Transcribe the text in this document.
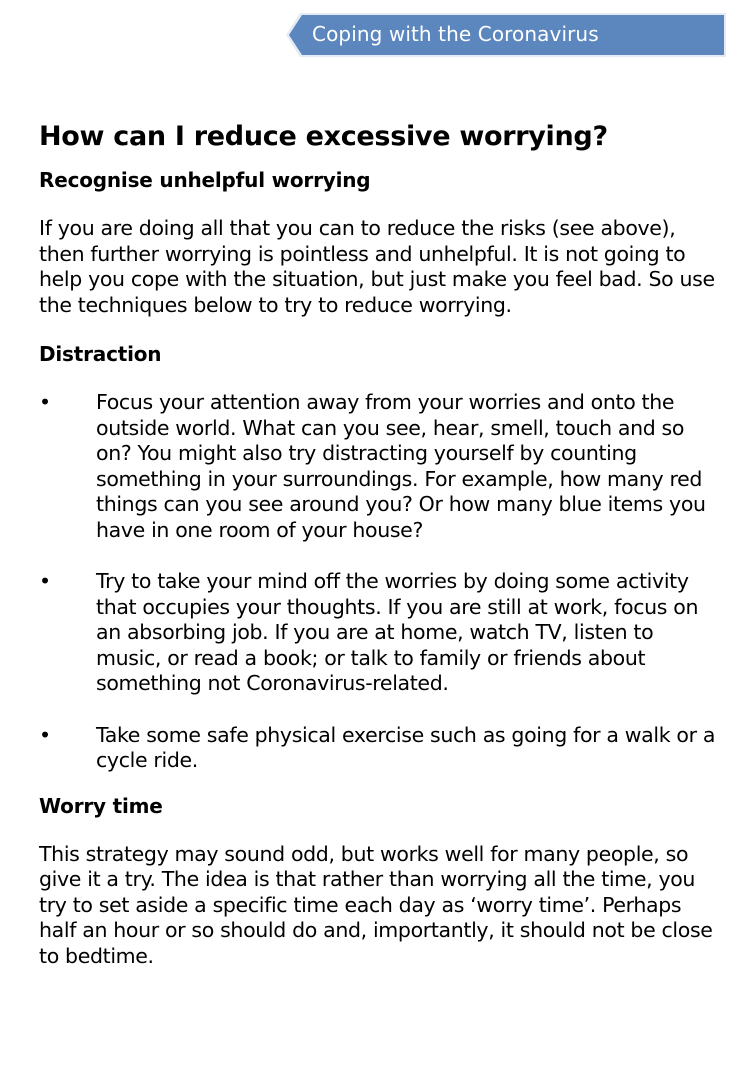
Coping with the Coronavirus
How can I reduce excessive worrying?
Recognise unhelpful worrying

If you are doing all that you can to reduce the risks (see above), then further worrying is pointless and unhelpful. It is not going to help you cope with the situation, but just make you feel bad. So use the techniques below to try to reduce worrying.

Distraction
•	Focus your attention away from your worries and onto the outside world. What can you see, hear, smell, touch and so on? You might also try distracting yourself by counting something in your surroundings. For example, how many red things can you see around you? Or how many blue items you have in one room of your house?
•	Try to take your mind off the worries by doing some activity that occupies your thoughts. If you are still at work, focus on an absorbing job. If you are at home, watch TV, listen to music, or read a book; or talk to family or friends about something not Coronavirus-related.
•	Take some safe physical exercise such as going for a walk or a cycle ride.
Worry time

This strategy may sound odd, but works well for many people, so give it a try. The idea is that rather than worrying all the time, you try to set aside a specific time each day as ‘worry time’. Perhaps half an hour or so should do and, importantly, it should not be close to bedtime.
